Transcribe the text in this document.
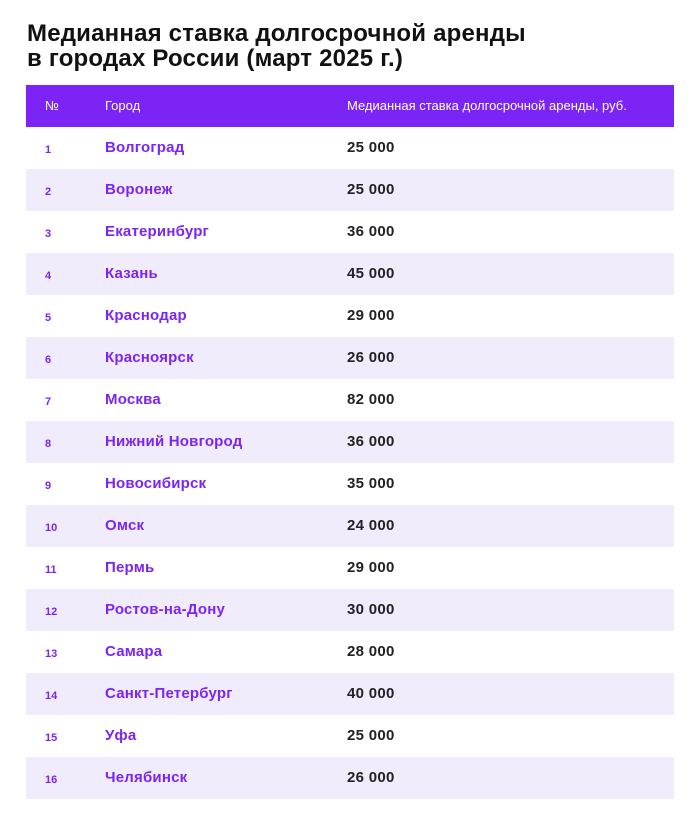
Медианная ставка долгосрочной аренды
в городах России (март 2025 г.)
№	Город	Медианная ставка долгосрочной аренды, руб.
1	Волгоград	25 000
2	Воронеж	25 000
3	Екатеринбург	36 000
4	Казань	45 000
5	Краснодар	29 000
6	Красноярск	26 000
7	Москва	82 000
8	Нижний Новгород	36 000
9	Новосибирск	35 000
10	Омск	24 000
11	Пермь	29 000
12	Ростов-на-Дону	30 000
13	Самара	28 000
14	Санкт-Петербург	40 000
15	Уфа	25 000
16	Челябинск	26 000
